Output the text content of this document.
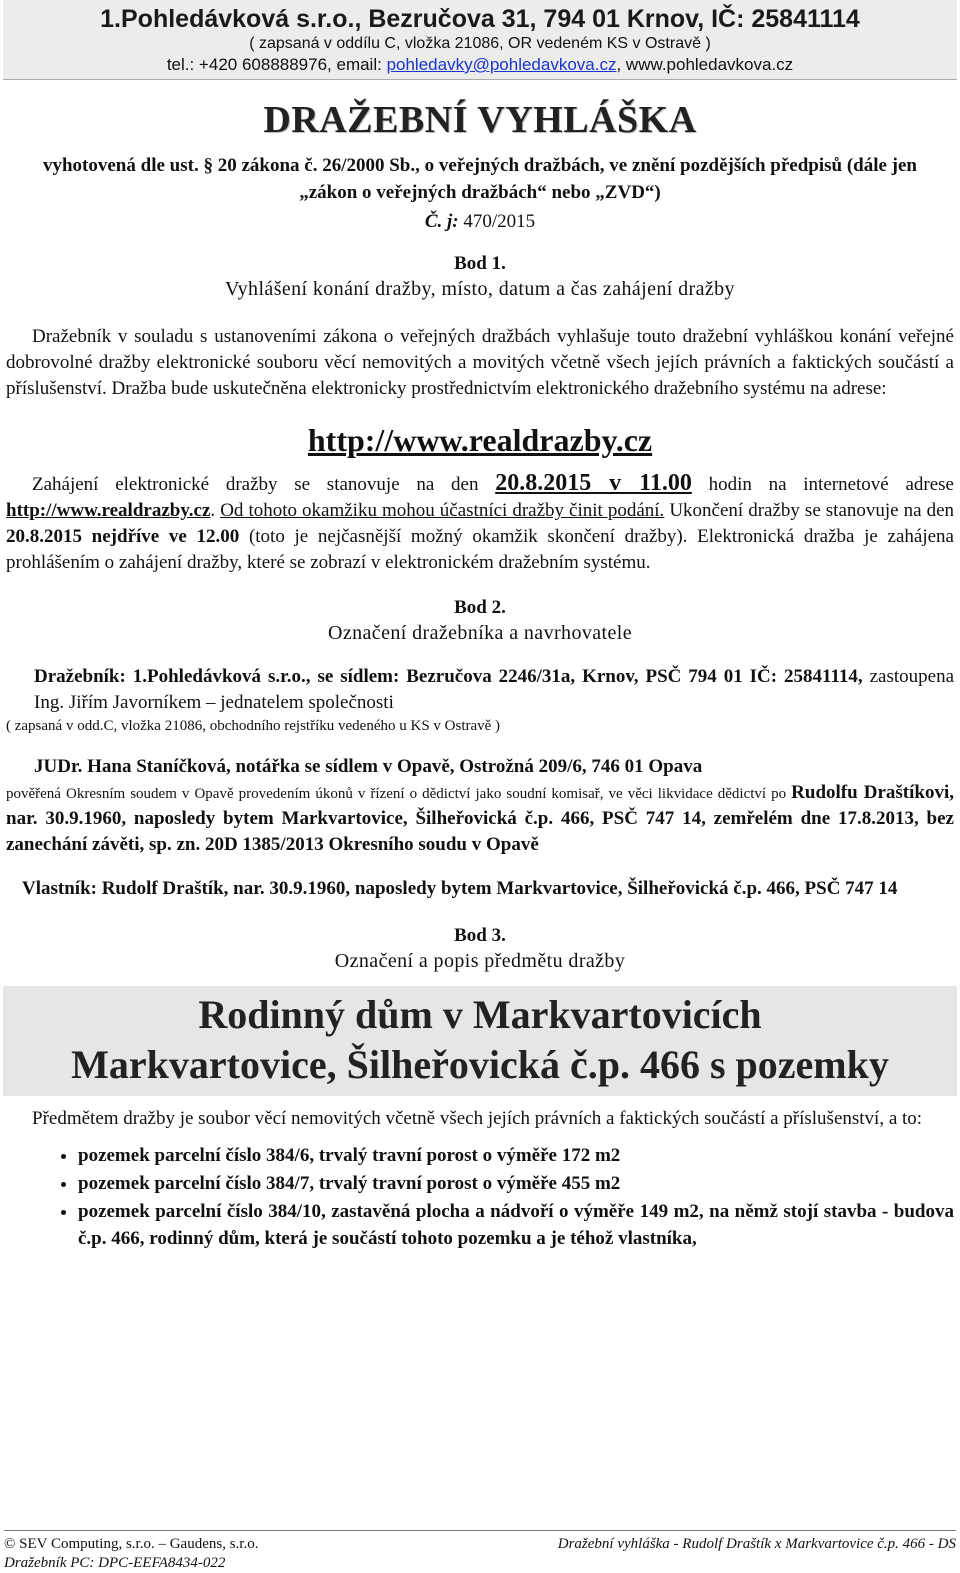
1.Pohledávková s.r.o., Bezručova 31, 794 01 Krnov, IČ: 25841114
( zapsaná v oddílu C, vložka 21086, OR vedeném KS v Ostravě )
tel.: +420 608888976, email: pohledavky@pohledavkova.cz, www.pohledavkova.cz
DRAŽEBNÍ VYHLÁŠKA
vyhotovená dle ust. § 20 zákona č. 26/2000 Sb., o veřejných dražbách, ve znění pozdějších předpisů (dále jen „zákon o veřejných dražbách“ nebo „ZVD“)
Č. j: 470/2015
Bod 1.
Vyhlášení konání dražby, místo, datum a čas zahájení dražby
Dražebník v souladu s ustanoveními zákona o veřejných dražbách vyhlašuje touto dražební vyhláškou konání veřejné dobrovolné dražby elektronické souboru věcí nemovitých a movitých včetně všech jejích právních a faktických součástí a příslušenství. Dražba bude uskutečněna elektronicky prostřednictvím elektronického dražebního systému na adrese:
http://www.realdrazby.cz
Zahájení elektronické dražby se stanovuje na den 20.8.2015 v 11.00 hodin na internetové adrese http://www.realdrazby.cz. Od tohoto okamžiku mohou účastníci dražby činit podání. Ukončení dražby se stanovuje na den 20.8.2015 nejdříve ve 12.00 (toto je nejčasnější možný okamžik skončení dražby). Elektronická dražba je zahájena prohlášením o zahájení dražby, které se zobrazí v elektronickém dražebním systému.
Bod 2.
Označení dražebníka a navrhovatele
Dražebník: 1.Pohledávková s.r.o., se sídlem: Bezručova 2246/31a, Krnov, PSČ 794 01 IČ: 25841114, zastoupena Ing. Jiřím Javorníkem – jednatelem společnosti
( zapsaná v odd.C, vložka 21086, obchodního rejstříku vedeného u KS v Ostravě )
JUDr. Hana Staníčková, notářka se sídlem v Opavě, Ostrožná 209/6, 746 01 Opava
pověřená Okresním soudem v Opavě provedením úkonů v řízení o dědictví jako soudní komisař, ve věci likvidace dědictví po Rudolfu Draštíkovi, nar. 30.9.1960, naposledy bytem Markvartovice, Šilheřovická č.p. 466, PSČ 747 14, zemřelém dne 17.8.2013, bez zanechání závěti, sp. zn. 20D 1385/2013 Okresního soudu v Opavě
Vlastník: Rudolf Draštík, nar. 30.9.1960, naposledy bytem Markvartovice, Šilheřovická č.p. 466, PSČ 747 14
Bod 3.
Označení a popis předmětu dražby
Rodinný dům v Markvartovicích
Markvartovice, Šilheřovická č.p. 466 s pozemky
Předmětem dražby je soubor věcí nemovitých včetně všech jejích právních a faktických součástí a příslušenství, a to:
• pozemek parcelní číslo 384/6, trvalý travní porost o výměře 172 m2
• pozemek parcelní číslo 384/7, trvalý travní porost o výměře 455 m2
• pozemek parcelní číslo 384/10, zastavěná plocha a nádvoří o výměře 149 m2, na němž stojí stavba - budova č.p. 466, rodinný dům, která je součástí tohoto pozemku a je téhož vlastníka,
© SEV Computing, s.r.o. – Gaudens, s.r.o.	Dražební vyhláška - Rudolf Draštík x Markvartovice č.p. 466 - DS
Dražebník PC: DPC-EEFA8434-022
